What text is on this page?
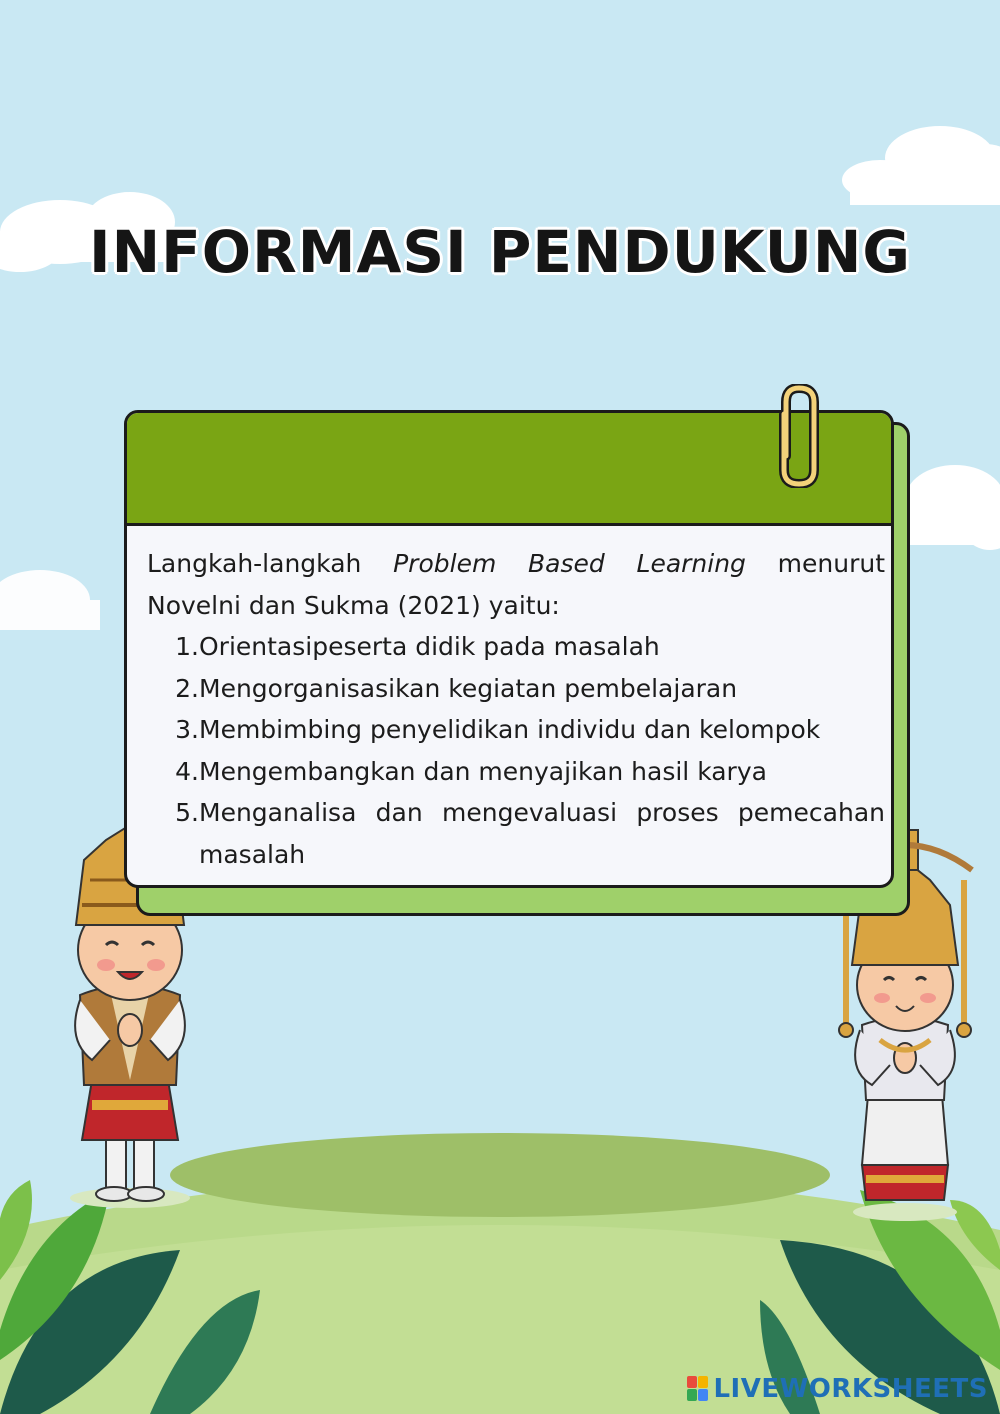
INFORMASI PENDUKUNG

Langkah-langkah Problem Based Learning menurut Novelni dan Sukma (2021) yaitu:

1. Orientasipeserta didik pada masalah
2. Mengorganisasikan kegiatan pembelajaran
3. Membimbing penyelidikan individu dan kelompok
4. Mengembangkan dan menyajikan hasil karya
5. Menganalisa dan mengevaluasi proses pemecahan masalah
LIVEWORKSHEETS
